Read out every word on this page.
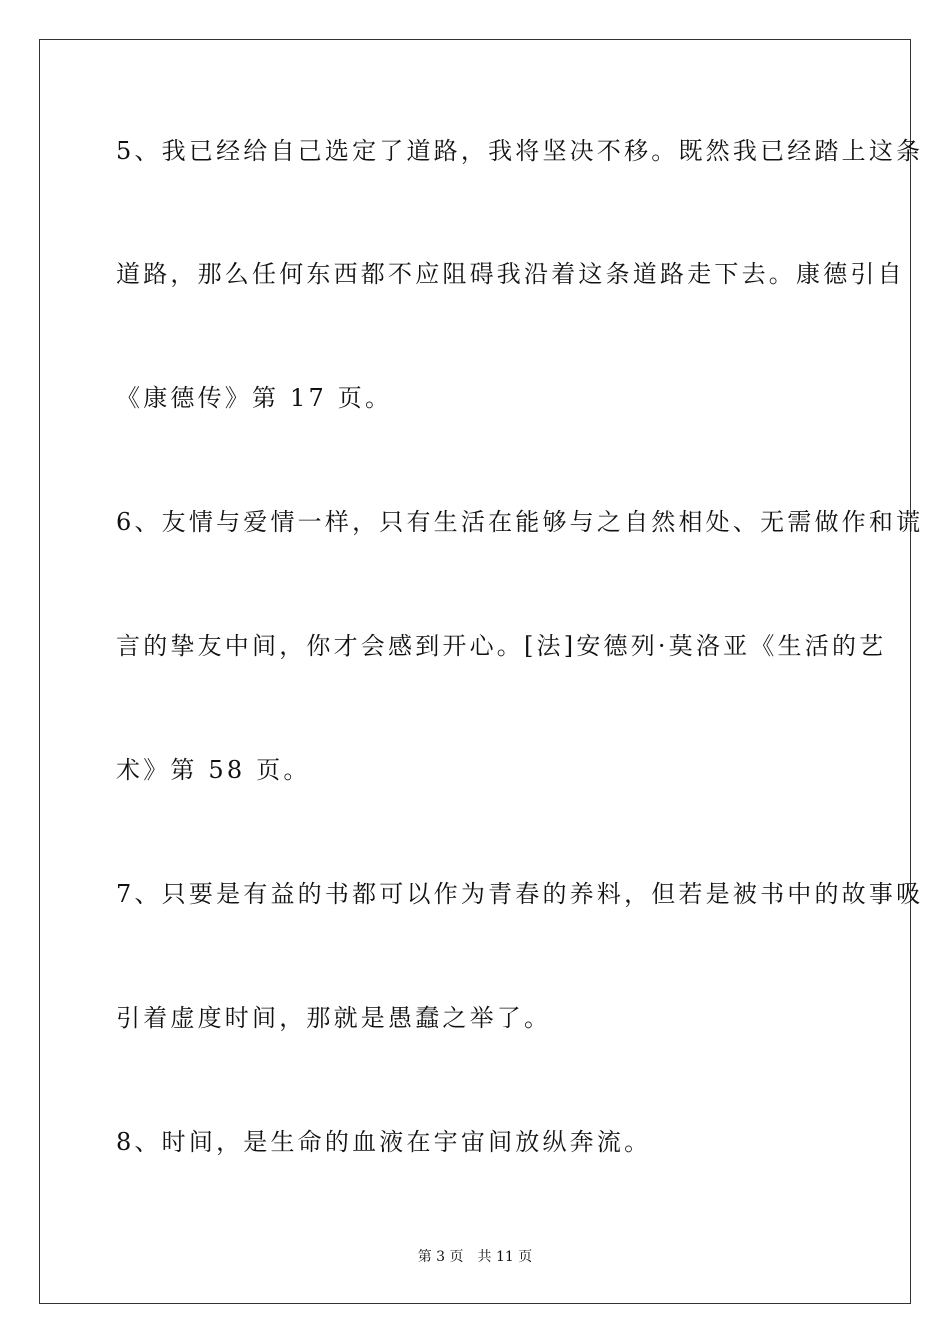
5、我已经给自己选定了道路，我将坚决不移。既然我已经踏上这条
道路，那么任何东西都不应阻碍我沿着这条道路走下去。康德引自
《康德传》第 17 页。
6、友情与爱情一样，只有生活在能够与之自然相处、无需做作和谎
言的挚友中间，你才会感到开心。[法]安德列·莫洛亚《生活的艺
术》第 58 页。
7、只要是有益的书都可以作为青春的养料，但若是被书中的故事吸
引着虚度时间，那就是愚蠢之举了。
8、时间，是生命的血液在宇宙间放纵奔流。
第 3 页 共 11 页
